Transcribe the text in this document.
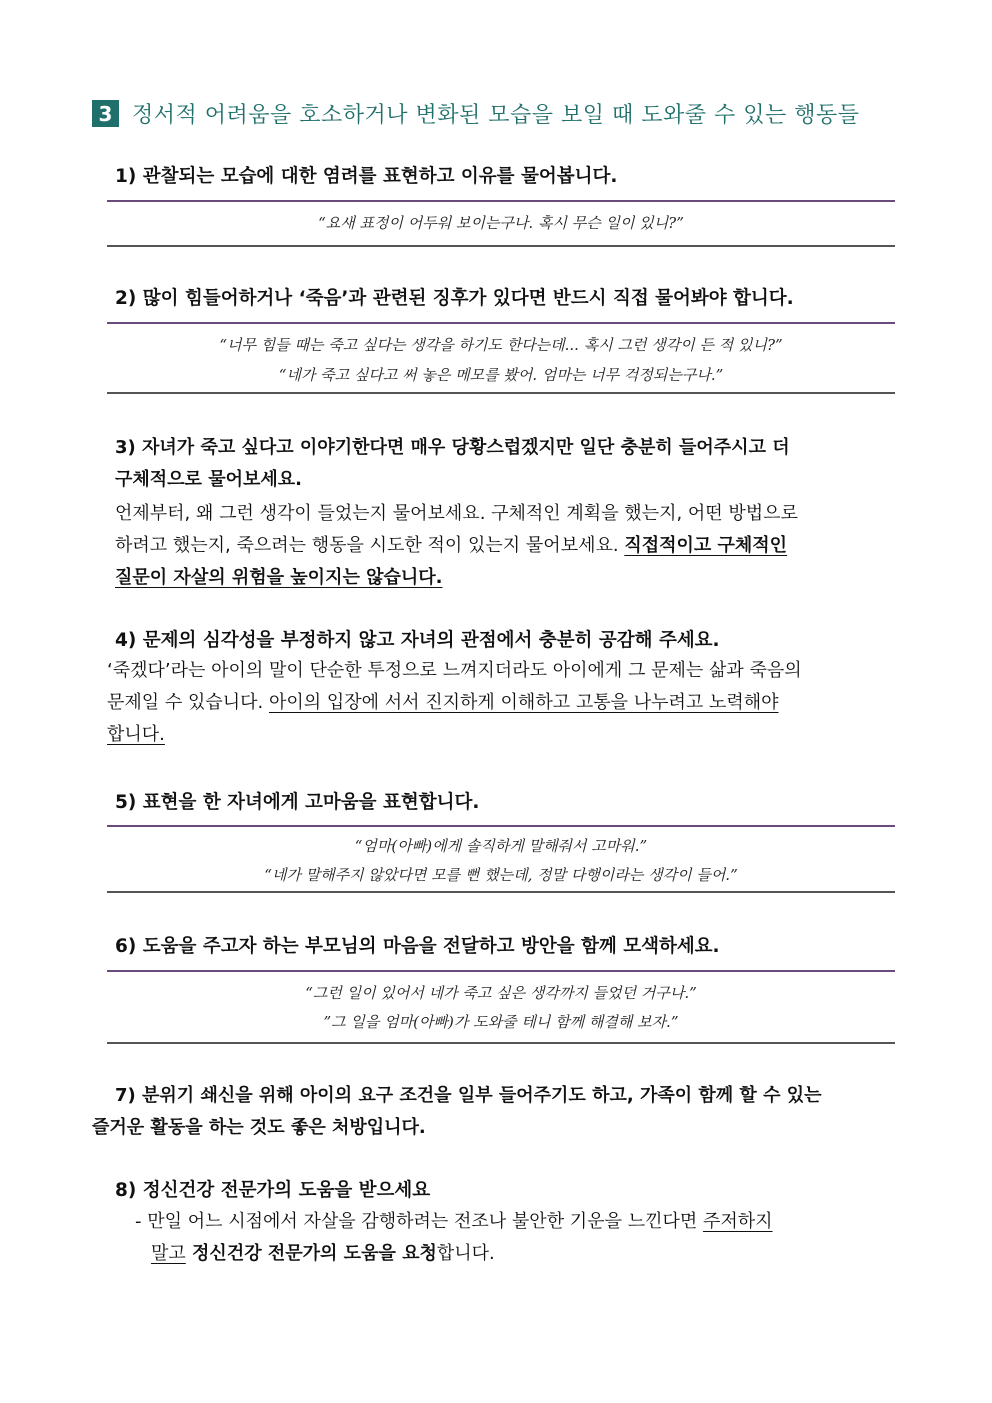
3 정서적 어려움을 호소하거나 변화된 모습을 보일 때 도와줄 수 있는 행동들
1) 관찰되는 모습에 대한 염려를 표현하고 이유를 물어봅니다.
“요새 표정이 어두워 보이는구나. 혹시 무슨 일이 있니?”
2) 많이 힘들어하거나 ‘죽음’과 관련된 징후가 있다면 반드시 직접 물어봐야 합니다.
“너무 힘들 때는 죽고 싶다는 생각을 하기도 한다는데... 혹시 그런 생각이 든 적 있니?”
“네가 죽고 싶다고 써 놓은 메모를 봤어. 엄마는 너무 걱정되는구나.”
3) 자녀가 죽고 싶다고 이야기한다면 매우 당황스럽겠지만 일단 충분히 들어주시고 더
구체적으로 물어보세요.
언제부터, 왜 그런 생각이 들었는지 물어보세요. 구체적인 계획을 했는지, 어떤 방법으로
하려고 했는지, 죽으려는 행동을 시도한 적이 있는지 물어보세요. 직접적이고 구체적인
질문이 자살의 위험을 높이지는 않습니다.
4) 문제의 심각성을 부정하지 않고 자녀의 관점에서 충분히 공감해 주세요.
‘죽겠다’라는 아이의 말이 단순한 투정으로 느껴지더라도 아이에게 그 문제는 삶과 죽음의
문제일 수 있습니다. 아이의 입장에 서서 진지하게 이해하고 고통을 나누려고 노력해야
합니다.
5) 표현을 한 자녀에게 고마움을 표현합니다.
“엄마(아빠)에게 솔직하게 말해줘서 고마워.”
“네가 말해주지 않았다면 모를 뻔 했는데, 정말 다행이라는 생각이 들어.”
6) 도움을 주고자 하는 부모님의 마음을 전달하고 방안을 함께 모색하세요.
“그런 일이 있어서 네가 죽고 싶은 생각까지 들었던 거구나.”
”그 일을 엄마(아빠)가 도와줄 테니 함께 해결해 보자.”
7) 분위기 쇄신을 위해 아이의 요구 조건을 일부 들어주기도 하고, 가족이 함께 할 수 있는
즐거운 활동을 하는 것도 좋은 처방입니다.
8) 정신건강 전문가의 도움을 받으세요
- 만일 어느 시점에서 자살을 감행하려는 전조나 불안한 기운을 느낀다면 주저하지
말고 정신건강 전문가의 도움을 요청합니다.
